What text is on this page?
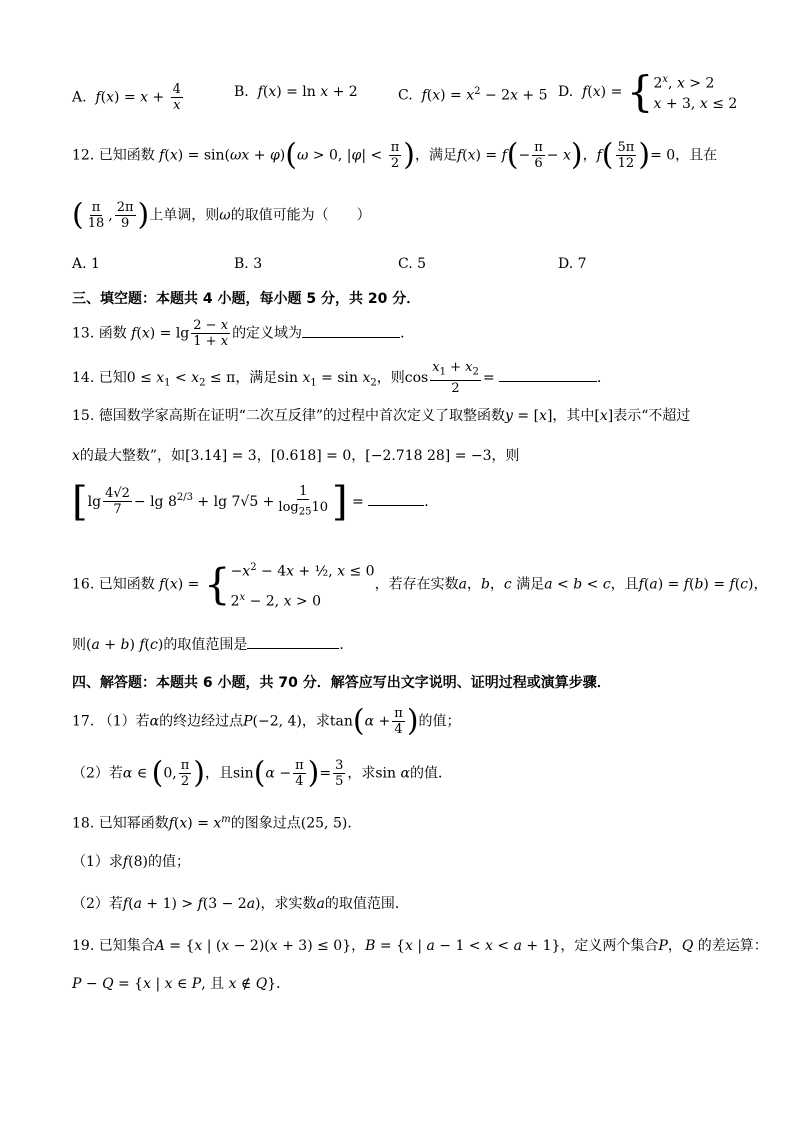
A. $f(x) = x + \frac{4}{x}$	B. f(x) = ln x + 2	C. $f(x) = x^2 - 2x + 5$ D. f(x) = { 2$^x$, x > 2
x + 3, x ≤ 2
12. 已知函数 f(x) = sin(ωx + φ)(ω > 0, $|\varphi| < \frac{\pi}{2}$ )，满足$f(x) = f(- \frac{\pi}{6} - x)$，$f( \frac{5\pi}{12}$ )= 0，且在
( $\frac{\pi}{18}$ , $\frac{2\pi}{9}$ )上单调，则ω的取值可能为（　　）
A. 1	B. 3	C. 5	D. 7
三、填空题：本题共 4 小题，每小题 5 分，共 20 分．
13. 函数 $f(x) = \lg \frac{2 - x}{1 + x}$ 的定义域为	．
14. 已知$0 \le x_1 < x_2 \le \pi$，满足$\sin x_1 = \sin x_2$，则$\cos \frac{x_1 + x_2}{2}$ =	．
15. 德国数学家高斯在证明“二次互反律”的过程中首次定义了取整函数y = [x]，其中[x]表示“不超过
x的最大整数”，如[3.14] = 3，[0.618] = 0，[−2.718 28] = −3，则
[$\lg \frac{4√2}{7} - \lg 8^{2/3} + \lg 7√5 + \frac{1}{\log_{25}10}$ ] =	．
16. 已知函数 f(x) = { $-x^2 - 4x$ + ½, x ≤ 0
$2^x - 2$, x > 0
，若存在实数a，b，c 满足a < b < c，且f(a) = f(b) = f(c)，
则(a + b) f(c)的取值范围是	．
四、解答题：本题共 6 小题，共 70 分．解答应写出文字说明、证明过程或演算步骤．
17. （1）若α的终边经过点P(−2, 4)，求$\tan(\alpha + \frac{\pi}{4}$ )的值；
（2）若α ∈ (0, $\frac{\pi}{2}$ )，且$\sin(\alpha - \frac{\pi}{4}$ )= $\frac{3}{5}$ ，求sin α的值．
18. 已知幂函数$f(x) = x^m$的图象过点(25, 5)．
（1）求f(8)的值；
（2）若f(a + 1) > f(3 − 2a)，求实数a的取值范围．
19. 已知集合A = {x | (x − 2)(x + 3) ≤ 0}，B = {x | a − 1 < x < a + 1}，定义两个集合P，Q 的差运算：
P − Q = {x | x ∈ P, 且 x ∉ Q}．
